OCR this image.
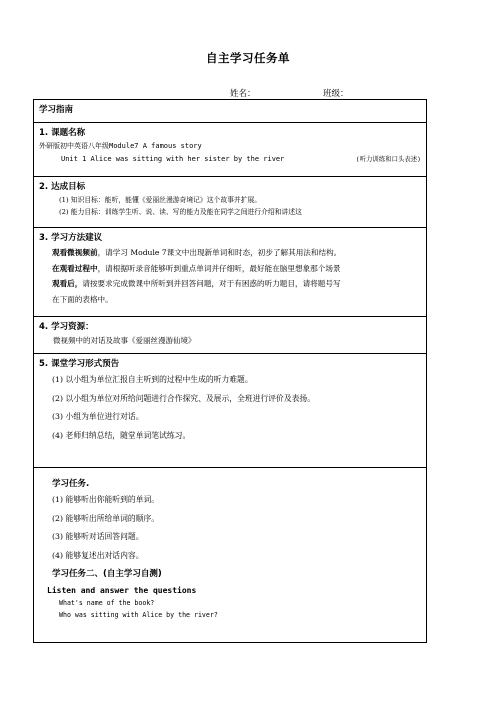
自主学习任务单
姓名：	班级：
学习指南
1. 课题名称
外研版初中英语八年级Module7 A famous story
Unit 1 Alice was sitting with her sister by the river	(听力训练和口头表述)
2. 达成目标
(1) 知识目标：能听，能懂《爱丽丝漫游奇境记》这个故事并扩展。
(2) 能力目标：训练学生听、说、读、写的能力及能在同学之间进行介绍和讲述这
3. 学习方法建议
观看微视频前，请学习 Module 7课文中出现新单词和时态，初步了解其用法和结构。
在观看过程中，请根据听录音能够听到重点单词并仔细听，最好能在脑里想象那个场景
观看后，请按要求完成微课中所听到并回答问题，对于有困惑的听力题目，请将题号写
在下面的表格中。
4. 学习资源：
微视频中的对话及故事《爱丽丝漫游仙境》
5. 课堂学习形式预告
(1) 以小组为单位汇报自主听到的过程中生成的听力难题。
(2) 以小组为单位对所给问题进行合作探究、及展示，全班进行评价及表扬。
(3) 小组为单位进行对话。
(4) 老师归纳总结，随堂单词笔试练习。
学习任务.
(1) 能够听出你能听到的单词。
(2) 能够听出所给单词的顺序。
(3) 能够听对话回答问题。
(4) 能够复述出对话内容。
学习任务二、(自主学习自测)
Listen and answer the questions
What's name of the book?
Who was sitting with Alice by the river?
